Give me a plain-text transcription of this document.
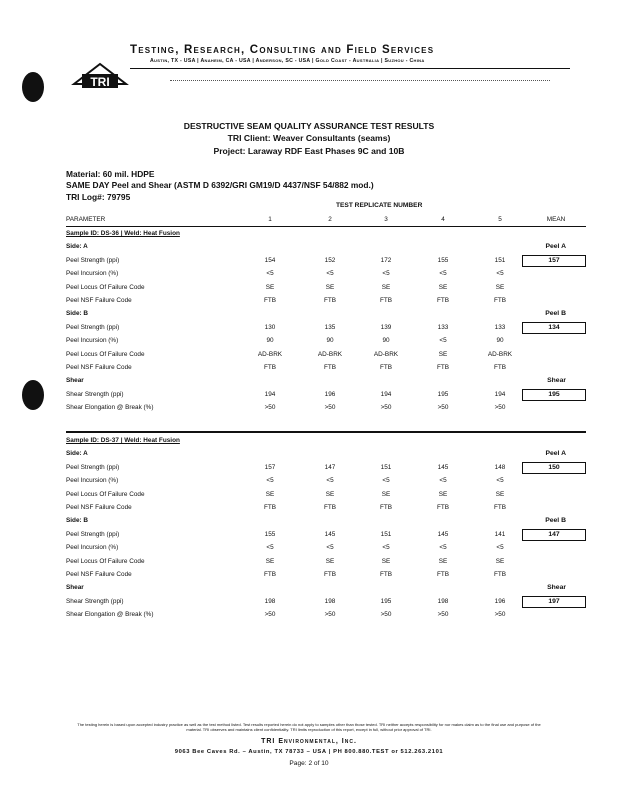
Testing, Research, Consulting and Field Services
Austin, TX - USA | Anaheim, CA - USA | Anderson, SC - USA | Gold Coast - Australia | Suzhou - China
TRI
DESTRUCTIVE SEAM QUALITY ASSURANCE TEST RESULTS
TRI Client: Weaver Consultants (seams)
Project: Laraway RDF East Phases 9C and 10B
Material: 60 mil. HDPE
SAME DAY Peel and Shear (ASTM D 6392/GRI GM19/D 4437/NSF 54/882 mod.)
TRI Log#: 79795
TEST REPLICATE NUMBER
PARAMETER	1	2	3	4	5	MEAN
Sample ID: DS-36 | Weld: Heat Fusion
Side: A	Peel A
Peel Strength (ppi)	154	152	172	155	151	157
Peel Incursion (%)	<5	<5	<5	<5	<5
Peel Locus Of Failure Code	SE	SE	SE	SE	SE
Peel NSF Failure Code	FTB	FTB	FTB	FTB	FTB
Side: B	Peel B
Peel Strength (ppi)	130	135	139	133	133	134
Peel Incursion (%)	90	90	90	<5	90
Peel Locus Of Failure Code	AD-BRK	AD-BRK	AD-BRK	SE	AD-BRK
Peel NSF Failure Code	FTB	FTB	FTB	FTB	FTB
Shear	Shear
Shear Strength (ppi)	194	196	194	195	194	195
Shear Elongation @ Break (%)	>50	>50	>50	>50	>50
Sample ID: DS-37 | Weld: Heat Fusion
Side: A	Peel A
Peel Strength (ppi)	157	147	151	145	148	150
Peel Incursion (%)	<5	<5	<5	<5	<5
Peel Locus Of Failure Code	SE	SE	SE	SE	SE
Peel NSF Failure Code	FTB	FTB	FTB	FTB	FTB
Side: B	Peel B
Peel Strength (ppi)	155	145	151	145	141	147
Peel Incursion (%)	<5	<5	<5	<5	<5
Peel Locus Of Failure Code	SE	SE	SE	SE	SE
Peel NSF Failure Code	FTB	FTB	FTB	FTB	FTB
Shear	Shear
Shear Strength (ppi)	198	198	195	198	196	197
Shear Elongation @ Break (%)	>50	>50	>50	>50	>50
The testing herein is based upon accepted industry practice as well as the test method listed. Test results reported herein do not apply to samples other than those tested. TRI neither accepts responsibility for nor makes claim as to the final use and purpose of the material. TRI observes and maintains client confidentiality. TRI limits reproduction of this report, except in full, without prior approval of TRI.
TRI Environmental, Inc.
9063 Bee Caves Rd. – Austin, TX 78733 – USA | PH 800.880.TEST or 512.263.2101
Page: 2 of 10
